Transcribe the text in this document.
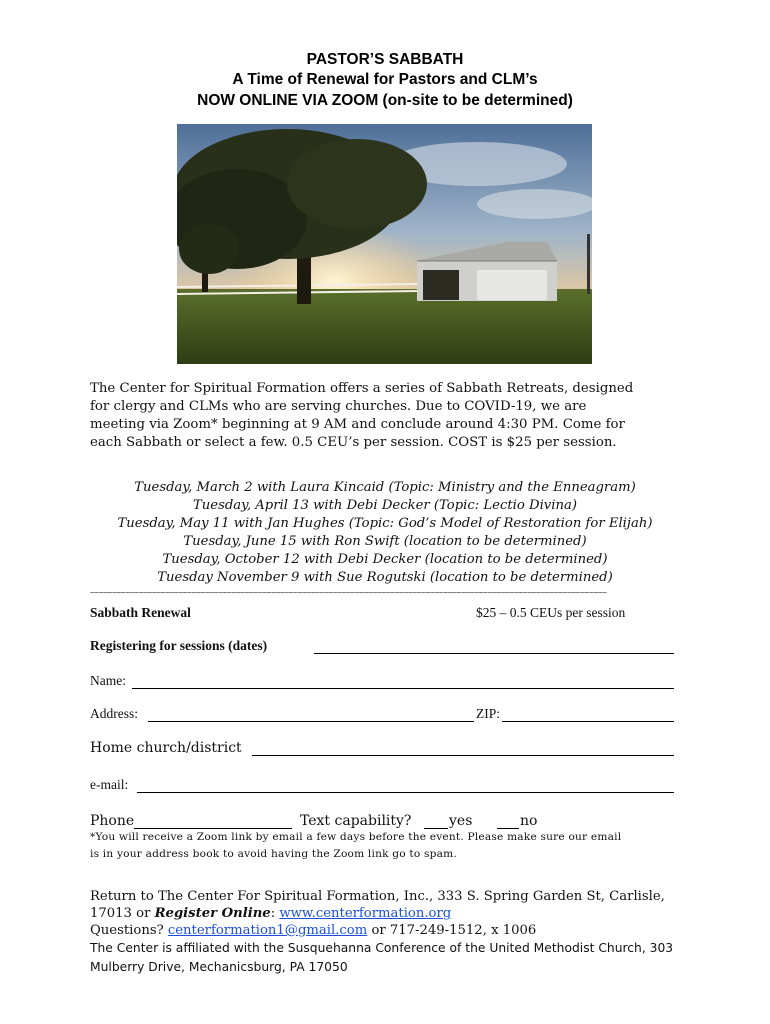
PASTOR’S SABBATH
A Time of Renewal for Pastors and CLM’s
NOW ONLINE VIA ZOOM (on-site to be determined)
The Center for Spiritual Formation offers a series of Sabbath Retreats, designed
for clergy and CLMs who are serving churches. Due to COVID-19, we are
meeting via Zoom* beginning at 9 AM and conclude around 4:30 PM. Come for
each Sabbath or select a few. 0.5 CEU’s per session. COST is $25 per session.
Tuesday, March 2 with Laura Kincaid (Topic: Ministry and the Enneagram)
Tuesday, April 13 with Debi Decker (Topic: Lectio Divina)
Tuesday, May 11 with Jan Hughes (Topic: God’s Model of Restoration for Elijah)
Tuesday, June 15 with Ron Swift (location to be determined)
Tuesday, October 12 with Debi Decker (location to be determined)
Tuesday November 9 with Sue Rogutski (location to be determined)
~~~~~~~~~~~~~~~~~~~~~~~~~~~~~~~~~~~~~~~~~~~~~~~~~~~~~~~~~~~~~~~~~~~~~~~~~~~~~~~~~~~~~~~~~~~~~~~~~~~~~~~~~~~~~~~~~~~~~
Sabbath Renewal	$25 – 0.5 CEUs per session
Registering for sessions (dates)
Name:
Address:	ZIP:
Home church/district
e-mail:
Phone	Text capability?	yes	no
*You will receive a Zoom link by email a few days before the event. Please make sure our email
is in your address book to avoid having the Zoom link go to spam.
Return to The Center For Spiritual Formation, Inc., 333 S. Spring Garden St, Carlisle,
17013 or Register Online: www.centerformation.org
Questions? centerformation1@gmail.com or 717-249-1512, x 1006
The Center is affiliated with the Susquehanna Conference of the United Methodist Church, 303
Mulberry Drive, Mechanicsburg, PA 17050
